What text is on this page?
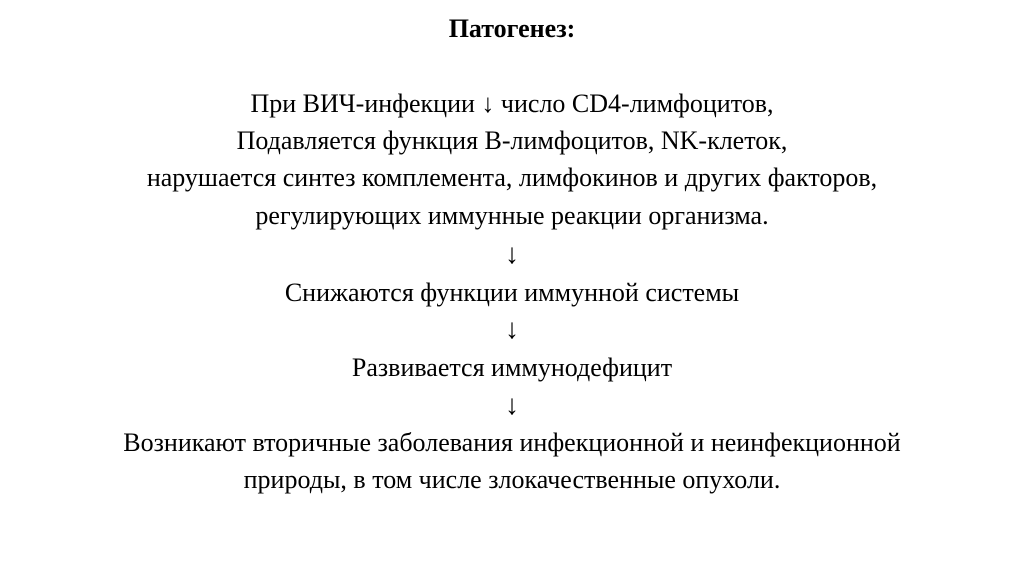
Патогенез:
При ВИЧ-инфекции ↓ число CD4-лимфоцитов,
Подавляется функция В-лимфоцитов, NK-клеток,
нарушается синтез комплемента, лимфокинов и других факторов,
регулирующих иммунные реакции организма.
↓
Снижаются функции иммунной системы
↓
Развивается иммунодефицит
↓
Возникают вторичные заболевания инфекционной и неинфекционной
природы, в том числе злокачественные опухоли.
